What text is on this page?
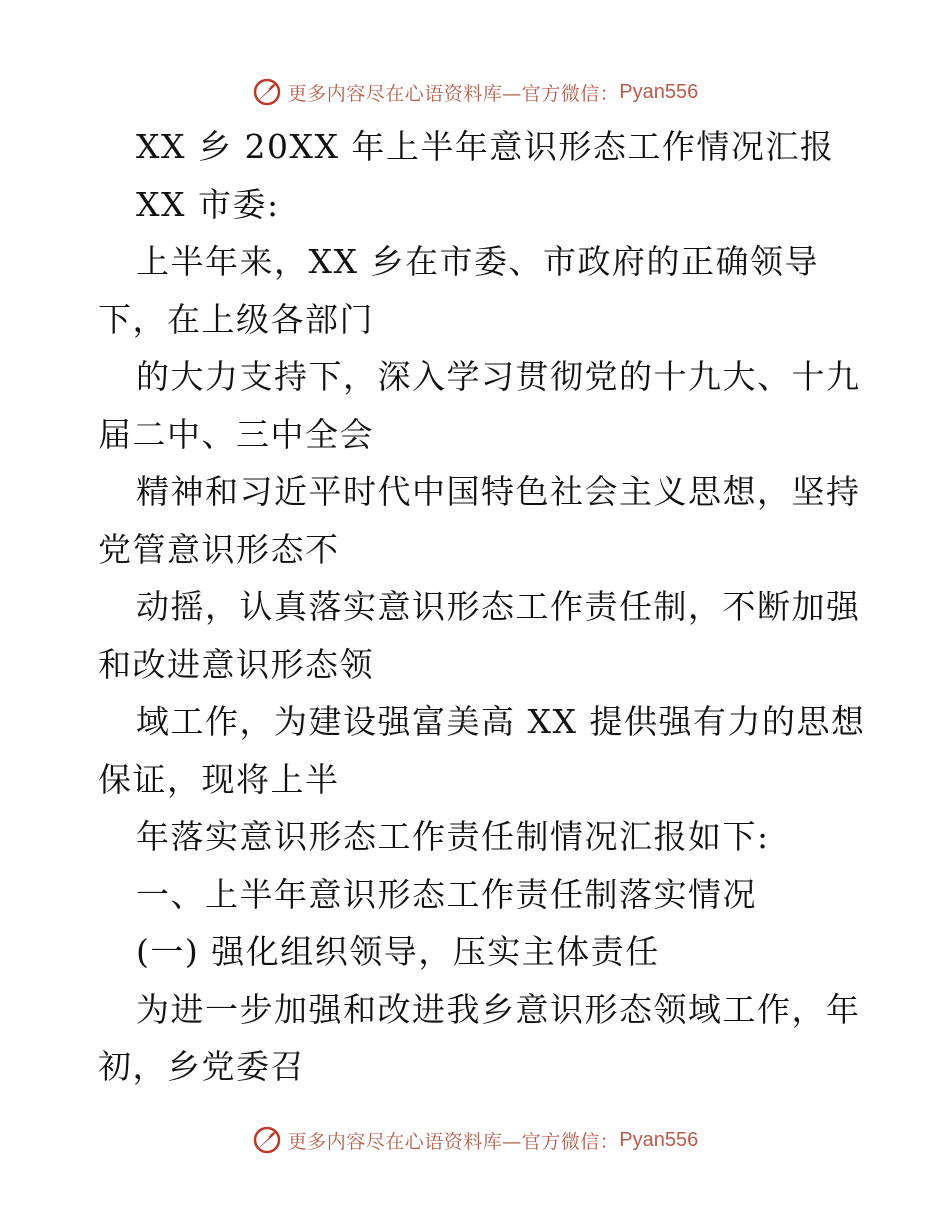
更多内容尽在心语资料库—官方微信： Pyan556
XX 乡 20XX 年上半年意识形态工作情况汇报
XX 市委:
上半年来，XX 乡在市委、市政府的正确领导
下，在上级各部门
的大力支持下，深入学习贯彻党的十九大、十九
届二中、三中全会
精神和习近平时代中国特色社会主义思想，坚持
党管意识形态不
动摇，认真落实意识形态工作责任制，不断加强
和改进意识形态领
域工作，为建设强富美高 XX 提供强有力的思想
保证，现将上半
年落实意识形态工作责任制情况汇报如下:
一、上半年意识形态工作责任制落实情况
(一) 强化组织领导，压实主体责任
为进一步加强和改进我乡意识形态领域工作，年
初，乡党委召
更多内容尽在心语资料库—官方微信： Pyan556
